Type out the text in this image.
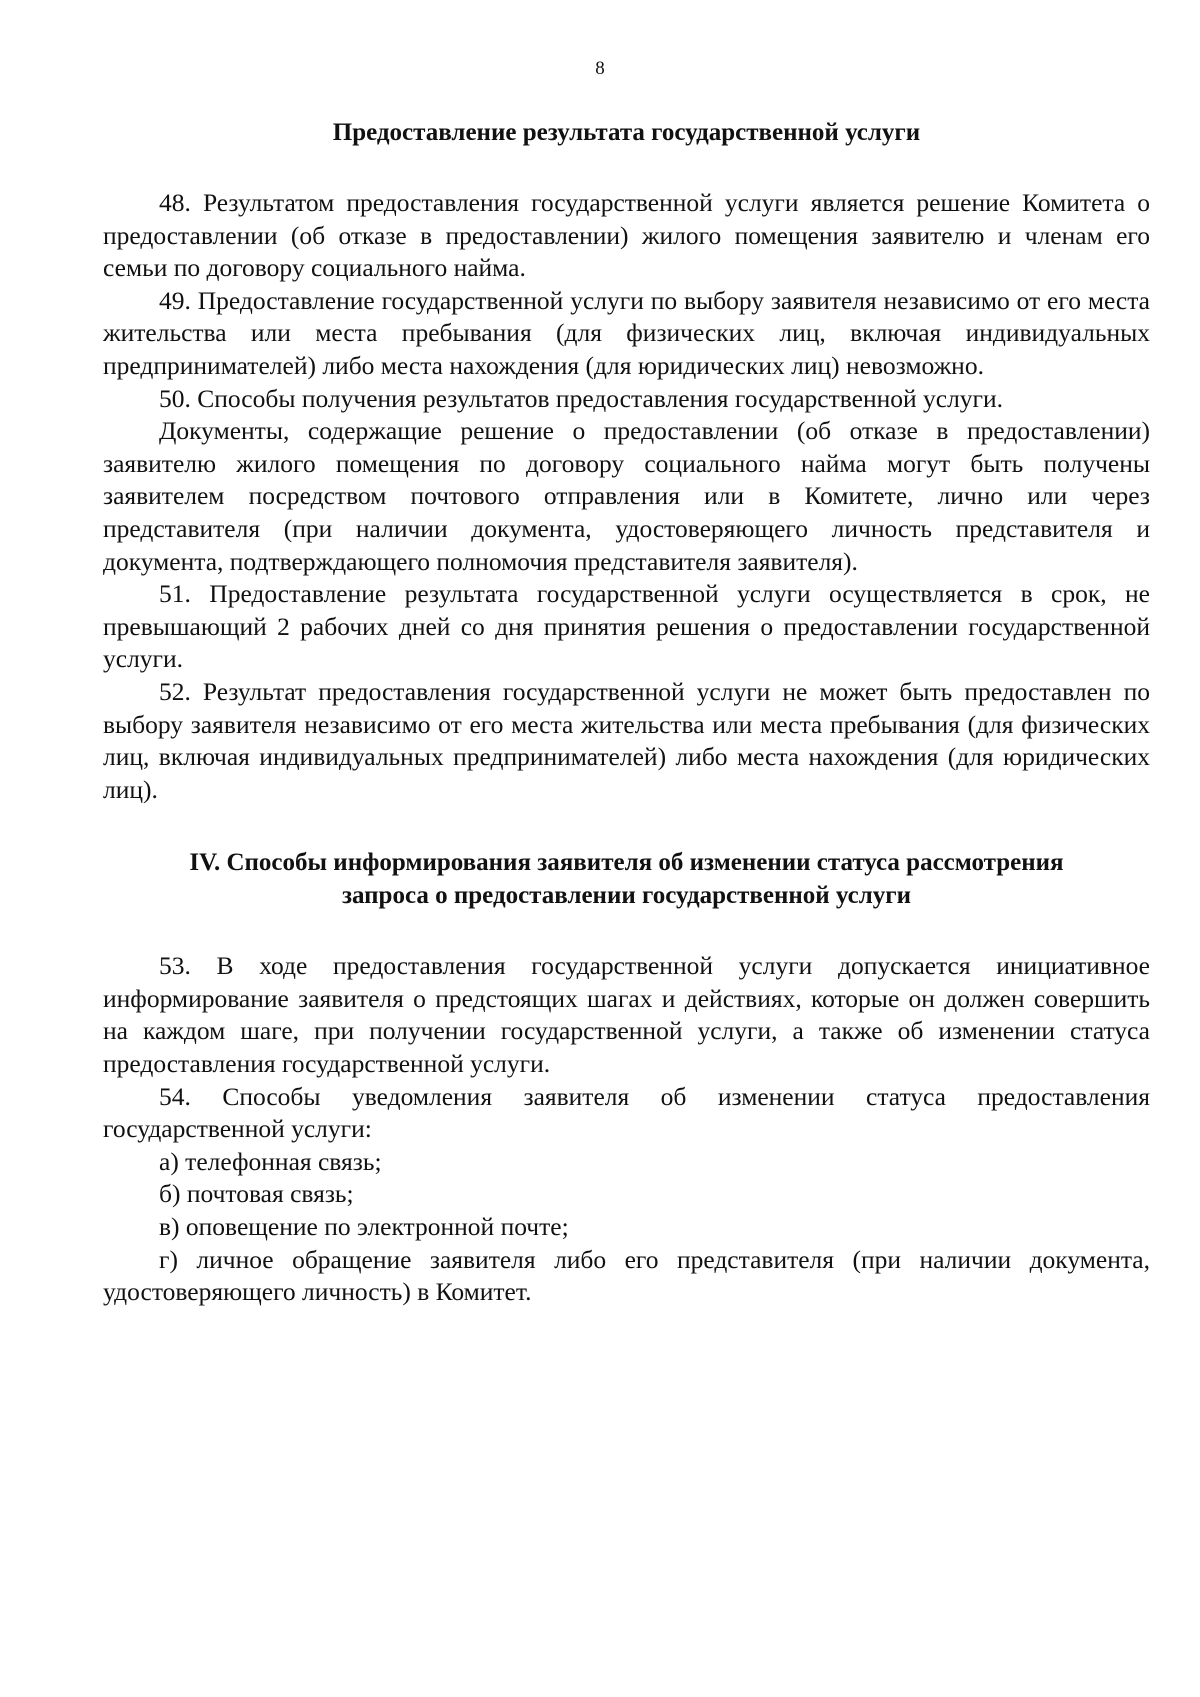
8
Предоставление результата государственной услуги

48. Результатом предоставления государственной услуги является решение Комитета о предоставлении (об отказе в предоставлении) жилого помещения заявителю и членам его семьи по договору социального найма.

49. Предоставление государственной услуги по выбору заявителя независимо от его места жительства или места пребывания (для физических лиц, включая индивидуальных предпринимателей) либо места нахождения (для юридических лиц) невозможно.

50. Способы получения результатов предоставления государственной услуги.

Документы, содержащие решение о предоставлении (об отказе в предоставлении) заявителю жилого помещения по договору социального найма могут быть получены заявителем посредством почтового отправления или в Комитете, лично или через представителя (при наличии документа, удостоверяющего личность представителя и документа, подтверждающего полномочия представителя заявителя).

51. Предоставление результата государственной услуги осуществляется в срок, не превышающий 2 рабочих дней со дня принятия решения о предоставлении государственной услуги.

52. Результат предоставления государственной услуги не может быть предоставлен по выбору заявителя независимо от его места жительства или места пребывания (для физических лиц, включая индивидуальных предпринимателей) либо места нахождения (для юридических лиц).

IV. Способы информирования заявителя об изменении статуса рассмотрения
запроса о предоставлении государственной услуги

53. В ходе предоставления государственной услуги допускается инициативное информирование заявителя о предстоящих шагах и действиях, которые он должен совершить на каждом шаге, при получении государственной услуги, а также об изменении статуса предоставления государственной услуги.

54. Способы уведомления заявителя об изменении статуса предоставления государственной услуги:

а) телефонная связь;

б) почтовая связь;

в) оповещение по электронной почте;

г) личное обращение заявителя либо его представителя (при наличии документа, удостоверяющего личность) в Комитет.
